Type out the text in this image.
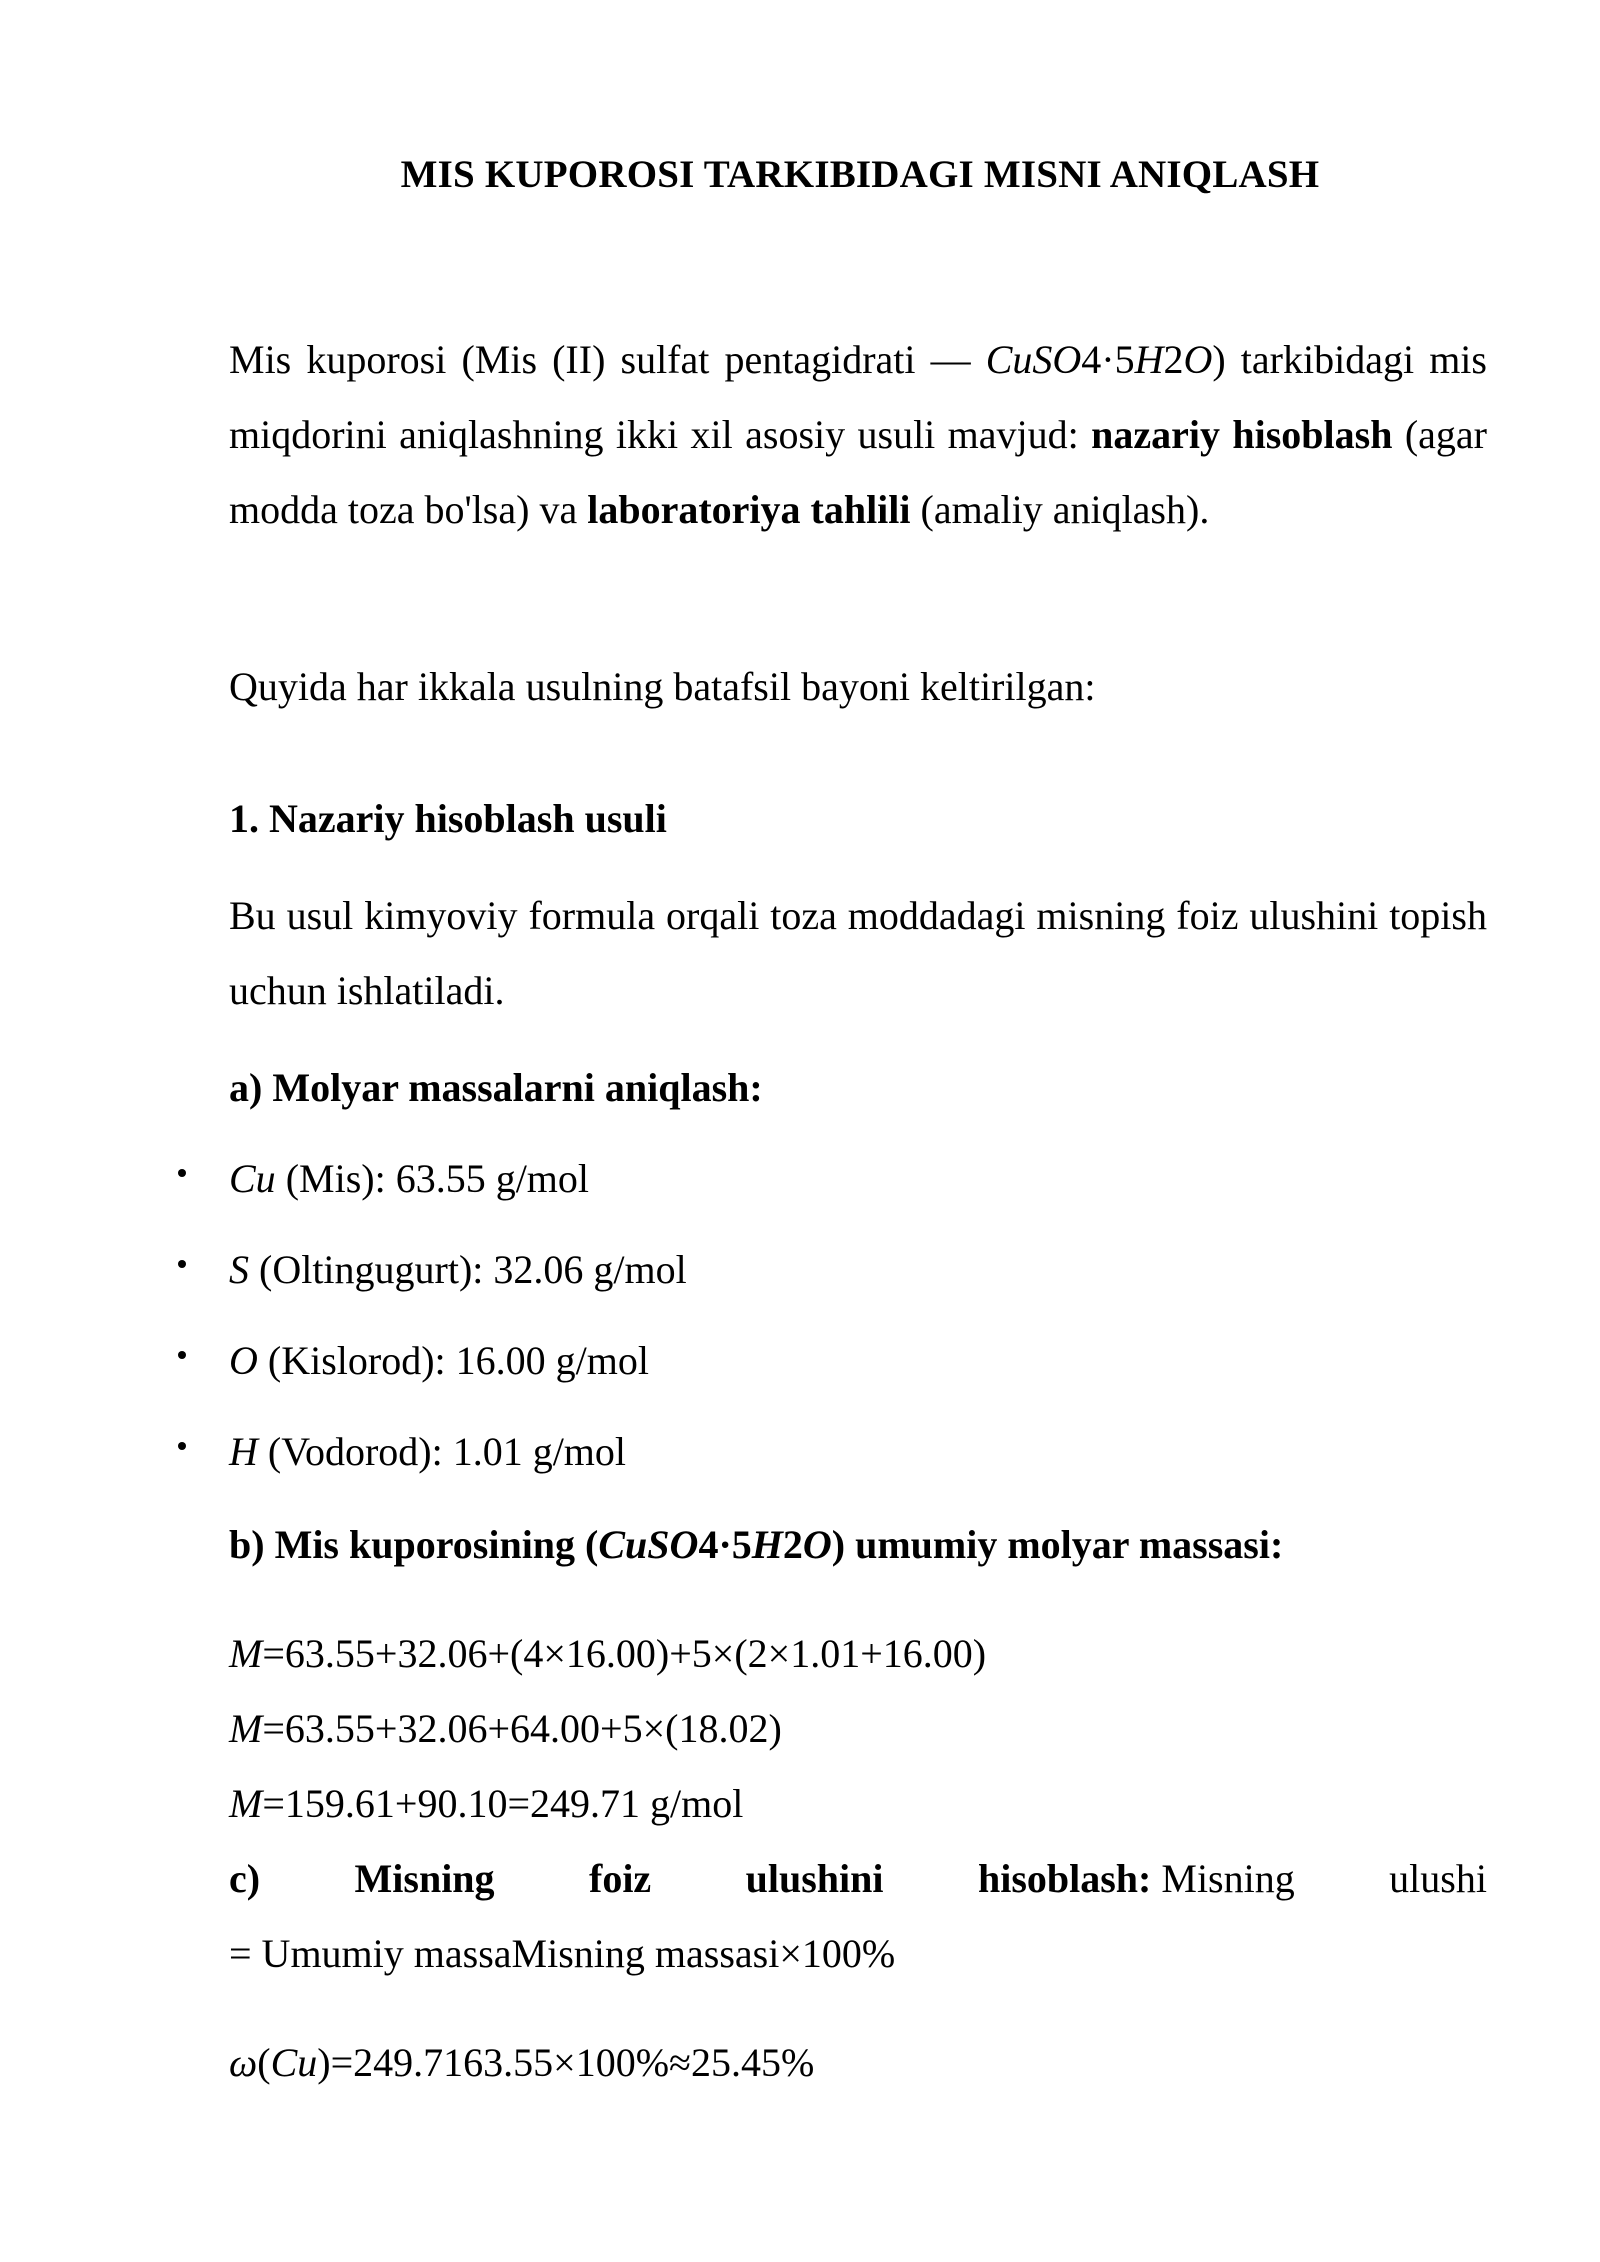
MIS KUPOROSI TARKIBIDAGI MISNI ANIQLASH

Mis kuporosi (Mis (II) sulfat pentagidrati — CuSO4·5H2O) tarkibidagi mis miqdorini aniqlashning ikki xil asosiy usuli mavjud: nazariy hisoblash (agar modda toza bo'lsa) va laboratoriya tahlili (amaliy aniqlash).

Quyida har ikkala usulning batafsil bayoni keltirilgan:
1. Nazariy hisoblash usuli
Bu usul kimyoviy formula orqali toza moddadagi misning foiz ulushini topish uchun ishlatiladi.
a) Molyar massalarni aniqlash:
Cu (Mis): 63.55 g/mol
S (Oltingugurt): 32.06 g/mol
O (Kislorod): 16.00 g/mol
H (Vodorod): 1.01 g/mol
b) Mis kuporosining (CuSO4·5H2O) umumiy molyar massasi:
M=63.55+32.06+(4×16.00)+5×(2×1.01+16.00)
M=63.55+32.06+64.00+5×(18.02)
M=159.61+90.10=249.71 g/mol
c) Misning foiz ulushini hisoblash: Misning ulushi
= Umumiy massaMisning massasi×100%
ω(Cu)=249.7163.55×100%≈25.45%
